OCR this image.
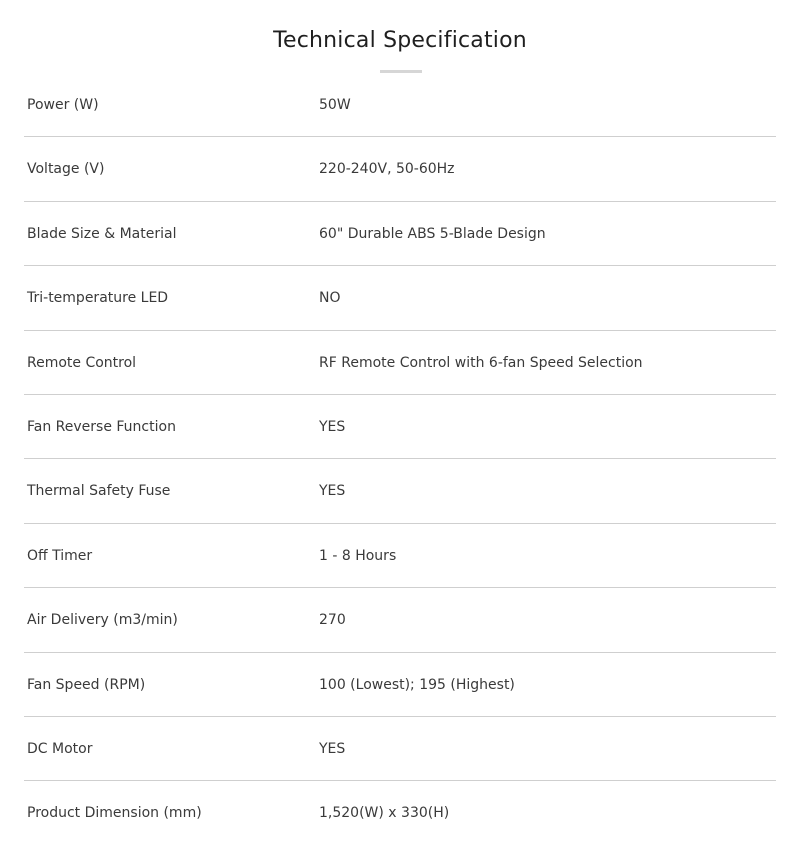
Technical Specification
Power (W)	50W
Voltage (V)	220-240V, 50-60Hz
Blade Size & Material	60" Durable ABS 5-Blade Design
Tri-temperature LED	NO
Remote Control	RF Remote Control with 6-fan Speed Selection
Fan Reverse Function	YES
Thermal Safety Fuse	YES
Off Timer	1 - 8 Hours
Air Delivery (m3/min)	270
Fan Speed (RPM)	100 (Lowest); 195 (Highest)
DC Motor	YES
Product Dimension (mm)	1,520(W) x 330(H)
